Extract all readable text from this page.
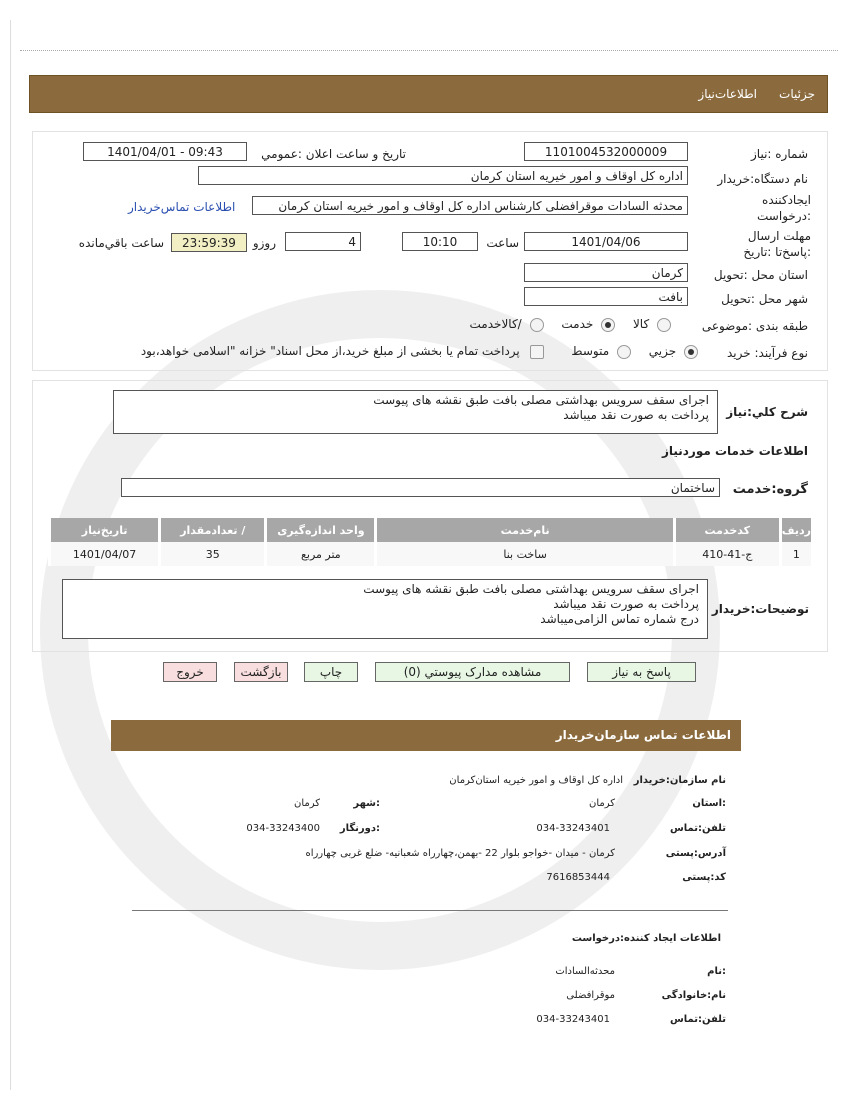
جزئیات
اطلاعات‌نیاز
شماره :نیاز
1101004532000009
تاریخ و ساعت اعلان :عمومي
1401/04/01 - 09:43
نام دستگاه:خریدار
اداره کل اوقاف و امور خیریه استان کرمان
ایجادکننده :درخواست
محدثه السادات موقرافضلی کارشناس اداره کل اوقاف و امور خیریه استان کرمان
اطلاعات تماس‌خریدار
مهلت ارسال :پاسخ‌تا :تاریخ
1401/04/06
ساعت
10:10
4
روزو
23:59:39
ساعت باقي‌مانده
استان محل :تحویل
کرمان
شهر محل :تحویل
بافت
طبقه بندی :موضوعی
کالا  خدمت  /کالاخدمت
نوع فرآیند: خرید
جزیي  متوسط  پرداخت تمام یا بخشی از مبلغ خرید،از محل اسناد" خزانه "اسلامی خواهد،بود
شرح کلي:نیاز
اجرای سقف سرویس بهداشتی مصلی بافت طبق نقشه های پیوست
پرداخت به صورت نقد میباشد
اطلاعات خدمات موردنیاز
گروه:خدمت
ساختمان
ردیف	کدخدمت	نام‌خدمت	واحد اندازه‌گیری	/ تعدادمقدار	تاریخ‌نیاز
1	ج-41-410	ساخت بنا	متر مربع	35	1401/04/07
توضیحات:خریدار
اجرای سقف سرویس بهداشتی مصلی بافت طبق نقشه های پیوست
پرداخت به صورت نقد میباشد
درج شماره تماس الزامی‌میباشد
پاسخ به نیاز
مشاهده مدارک پیوستي (0)
چاپ
بازگشت
خروج
اطلاعات تماس سازمان‌خریدار
نام سازمان:خریدار
اداره کل اوقاف و امور خیریه استان‌کرمان
:استان
کرمان
:شهر
کرمان
تلفن:تماس
034-33243401
:دورنگار
034-33243400
آدرس:پستی
کرمان - میدان -خواجو بلوار 22 -بهمن،چهارراه شعبانیه- ضلع غربی چهارراه
کد:پستی
7616853444
اطلاعات ایجاد کننده:درخواست
:نام
محدثه‌السادات
نام:خانوادگی
موقرافضلی
تلفن:تماس
034-33243401
